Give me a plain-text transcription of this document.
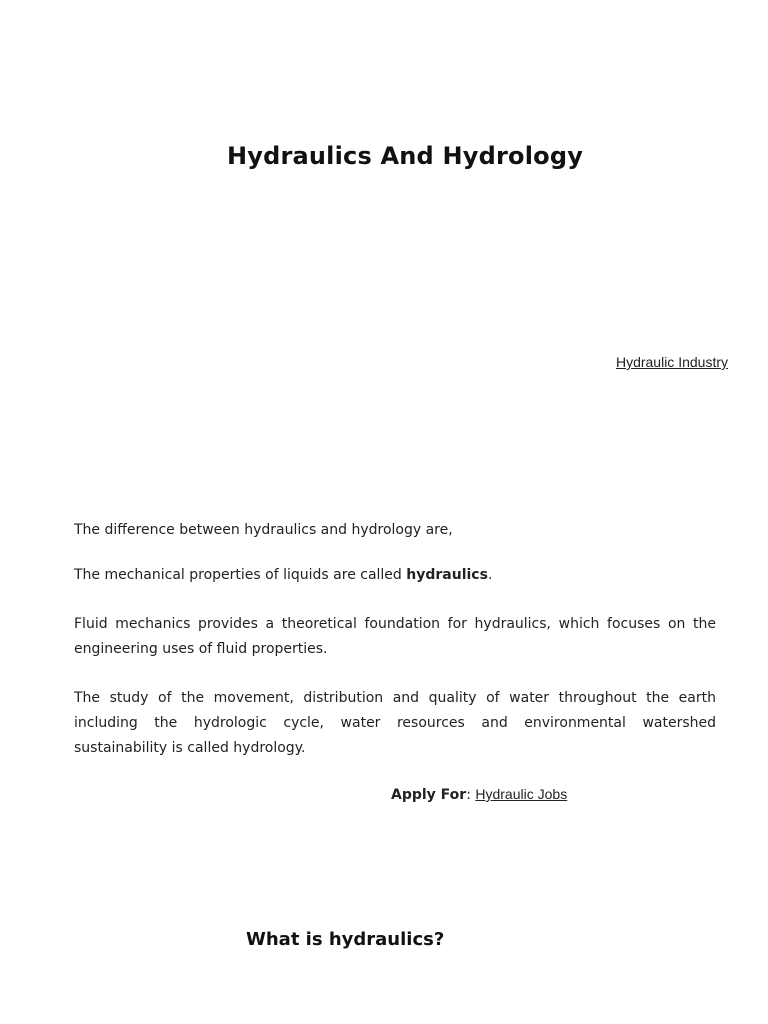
Hydraulics And Hydrology
Hydraulic Industry

The difference between hydraulics and hydrology are,

The mechanical properties of liquids are called hydraulics.

Fluid mechanics provides a theoretical foundation for hydraulics, which focuses on the engineering uses of fluid properties.

The study of the movement, distribution and quality of water throughout the earth including the hydrologic cycle, water resources and environmental watershed sustainability is called hydrology.

Apply For: Hydraulic Jobs
What is hydraulics?
